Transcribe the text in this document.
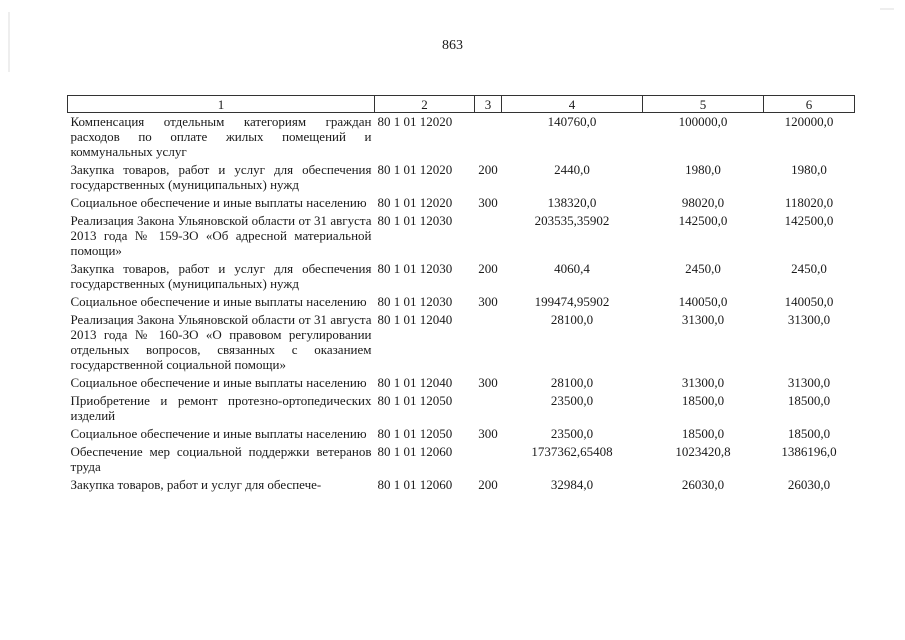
863
1	2	3	4	5	6
Компенсация отдельным категориям граждан расходов по оплате жилых помещений и коммунальных услуг	80 1 01 12020		140760,0	100000,0	120000,0
Закупка товаров, работ и услуг для обеспечения государственных (муниципальных) нужд	80 1 01 12020	200	2440,0	1980,0	1980,0
Социальное обеспечение и иные выплаты населению	80 1 01 12020	300	138320,0	98020,0	118020,0
Реализация Закона Ульяновской области от 31 августа 2013 года № 159-ЗО «Об адресной материальной помощи»	80 1 01 12030		203535,35902	142500,0	142500,0
Закупка товаров, работ и услуг для обеспечения государственных (муниципальных) нужд	80 1 01 12030	200	4060,4	2450,0	2450,0
Социальное обеспечение и иные выплаты населению	80 1 01 12030	300	199474,95902	140050,0	140050,0
Реализация Закона Ульяновской области от 31 августа 2013 года № 160-ЗО «О правовом регулировании отдельных вопросов, связанных с оказанием государственной социальной помощи»	80 1 01 12040		28100,0	31300,0	31300,0
Социальное обеспечение и иные выплаты населению	80 1 01 12040	300	28100,0	31300,0	31300,0
Приобретение и ремонт протезно-ортопедических изделий	80 1 01 12050		23500,0	18500,0	18500,0
Социальное обеспечение и иные выплаты населению	80 1 01 12050	300	23500,0	18500,0	18500,0
Обеспечение мер социальной поддержки ветеранов труда	80 1 01 12060		1737362,65408	1023420,8	1386196,0
Закупка товаров, работ и услуг для обеспече-	80 1 01 12060	200	32984,0	26030,0	26030,0
